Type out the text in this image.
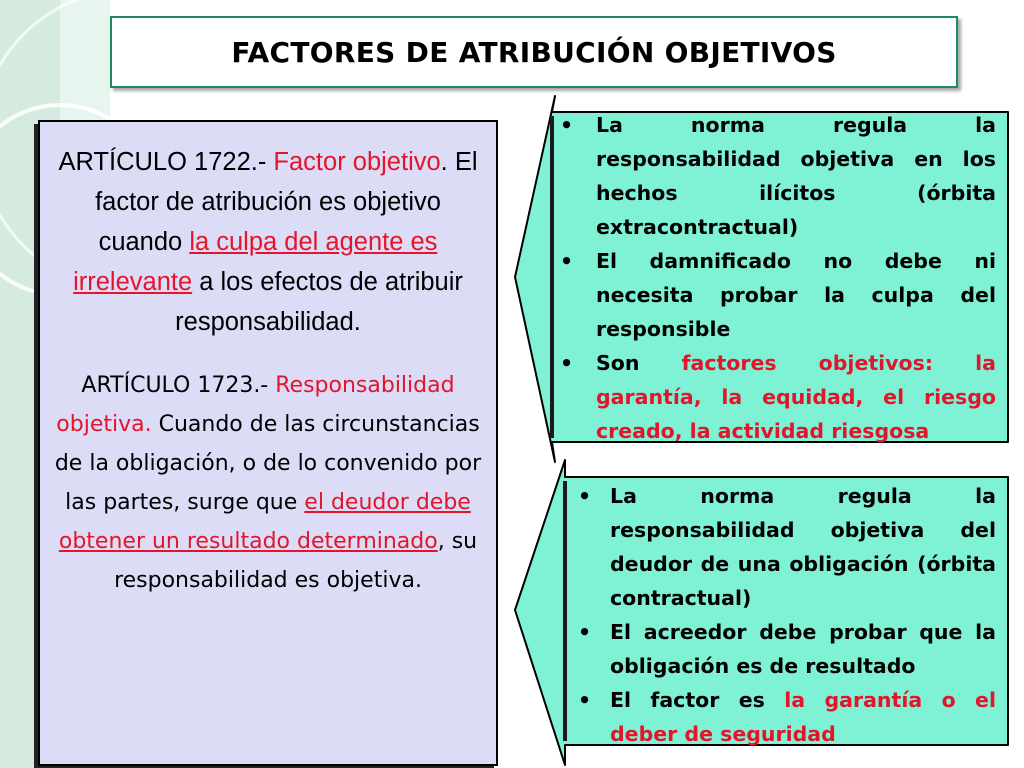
FACTORES DE ATRIBUCIÓN OBJETIVOS
ARTÍCULO 1722.- Factor objetivo. El factor de atribución es objetivo cuando la culpa del agente es irrelevante a los efectos de atribuir responsabilidad.
ARTÍCULO 1723.- Responsabilidad objetiva. Cuando de las circunstancias de la obligación, o de lo convenido por las partes, surge que el deudor debe obtener un resultado determinado, su responsabilidad es objetiva.
• La norma regula la responsabilidad objetiva en los hechos ilícitos (órbita extracontractual)
• El damnificado no debe ni necesita probar la culpa del responsible
• Son factores objetivos: la garantía, la equidad, el riesgo creado, la actividad riesgosa
• La norma regula la responsabilidad objetiva del deudor de una obligación (órbita contractual)
• El acreedor debe probar que la obligación es de resultado
• El factor es la garantía o el deber de seguridad
